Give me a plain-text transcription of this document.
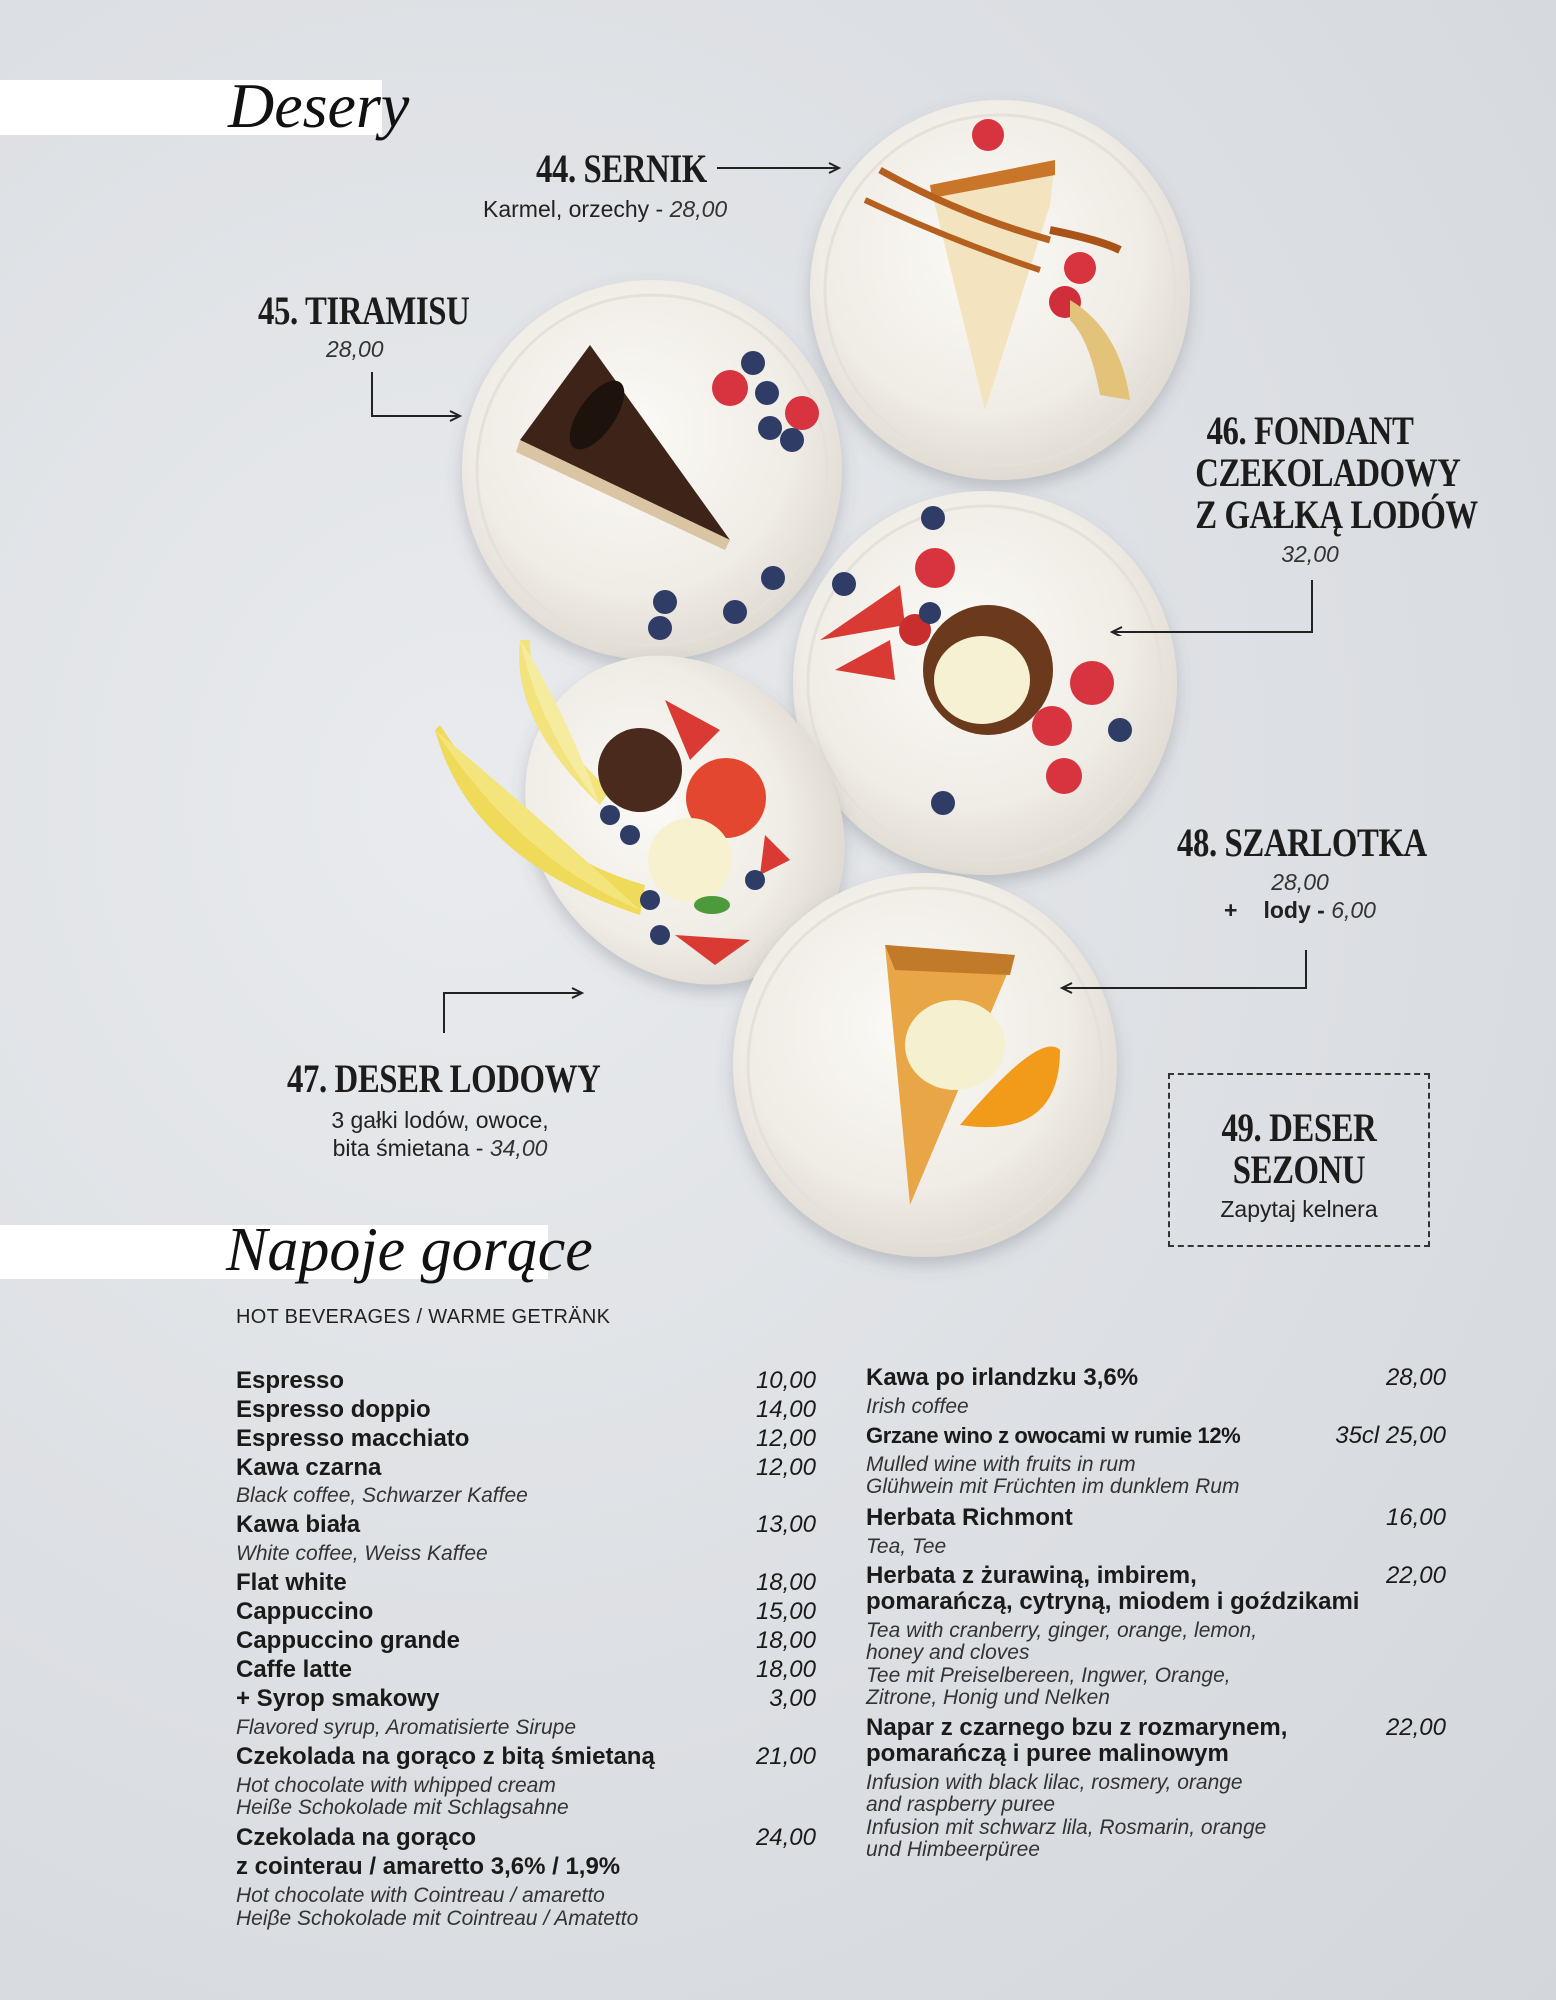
Desery
44. SERNIK
Karmel, orzechy - 28,00
45. TIRAMISU
28,00
46. FONDANT
CZEKOLADOWY
Z GAŁKĄ LODÓW
32,00
47. DESER LODOWY
3 gałki lodów, owoce,
bita śmietana - 34,00
48. SZARLOTKA
28,00
+ lody - 6,00
49. DESER
SEZONU
Zapytaj kelnera
Napoje gorące
HOT BEVERAGES / WARME GETRÄNK
Espresso	10,00
Espresso doppio	14,00
Espresso macchiato	12,00
Kawa czarna	12,00
Black coffee, Schwarzer Kaffee
Kawa biała	13,00
White coffee, Weiss Kaffee
Flat white	18,00
Cappuccino	15,00
Cappuccino grande	18,00
Caffe latte	18,00
+ Syrop smakowy	3,00
Flavored syrup, Aromatisierte Sirupe
Czekolada na gorąco z bitą śmietaną	21,00
Hot chocolate with whipped cream
Heiße Schokolade mit Schlagsahne
Czekolada na gorąco	24,00
z cointerau / amaretto 3,6% / 1,9%
Hot chocolate with Cointreau / amaretto
Heiβe Schokolade mit Cointreau / Amatetto
Kawa po irlandzku 3,6%	28,00
Irish coffee
Grzane wino z owocami w rumie 12%	35cl 25,00
Mulled wine with fruits in rum
Glühwein mit Früchten im dunklem Rum
Herbata Richmont	16,00
Tea, Tee
Herbata z żurawiną, imbirem,	22,00
pomarańczą, cytryną, miodem i goździkami
Tea with cranberry, ginger, orange, lemon,
honey and cloves
Tee mit Preiselbereen, Ingwer, Orange,
Zitrone, Honig und Nelken
Napar z czarnego bzu z rozmarynem,	22,00
pomarańczą i puree malinowym
Infusion with black lilac, rosmery, orange
and raspberry puree
Infusion mit schwarz lila, Rosmarin, orange
und Himbeerpüree
